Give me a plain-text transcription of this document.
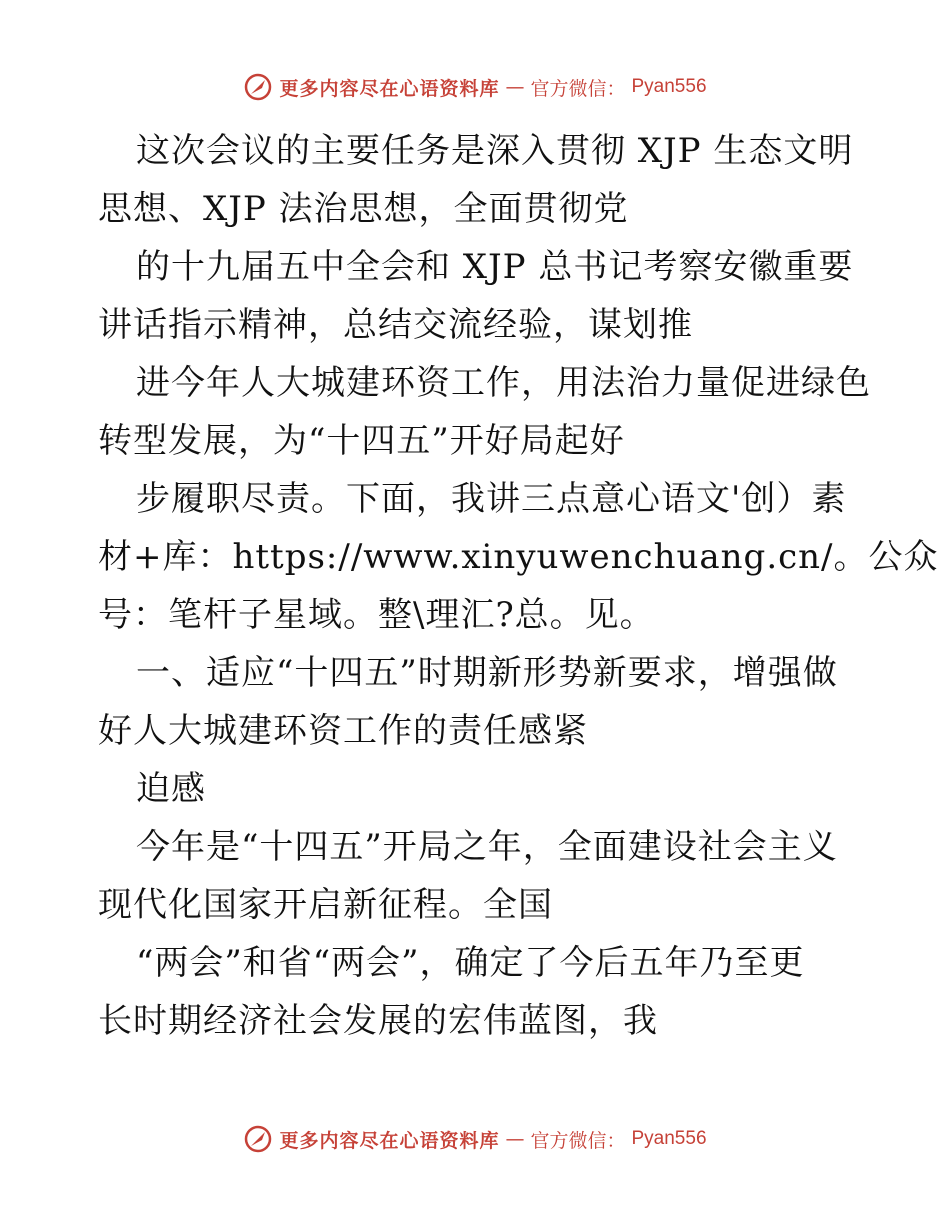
更多内容尽在心语资料库 — 官方微信： Pyan556
这次会议的主要任务是深入贯彻 XJP 生态文明
思想、XJP 法治思想，全面贯彻党
的十九届五中全会和 XJP 总书记考察安徽重要
讲话指示精神，总结交流经验，谋划推
进今年人大城建环资工作，用法治力量促进绿色
转型发展，为“十四五”开好局起好
步履职尽责。下面，我讲三点意心语文'创）素
材+库：https://www.xinyuwenchuang.cn/。公众
号：笔杆子星域。整\理汇?总。见。
一、适应“十四五”时期新形势新要求，增强做
好人大城建环资工作的责任感紧
迫感
今年是“十四五”开局之年，全面建设社会主义
现代化国家开启新征程。全国
“两会”和省“两会”，确定了今后五年乃至更
长时期经济社会发展的宏伟蓝图，我
更多内容尽在心语资料库 — 官方微信： Pyan556
